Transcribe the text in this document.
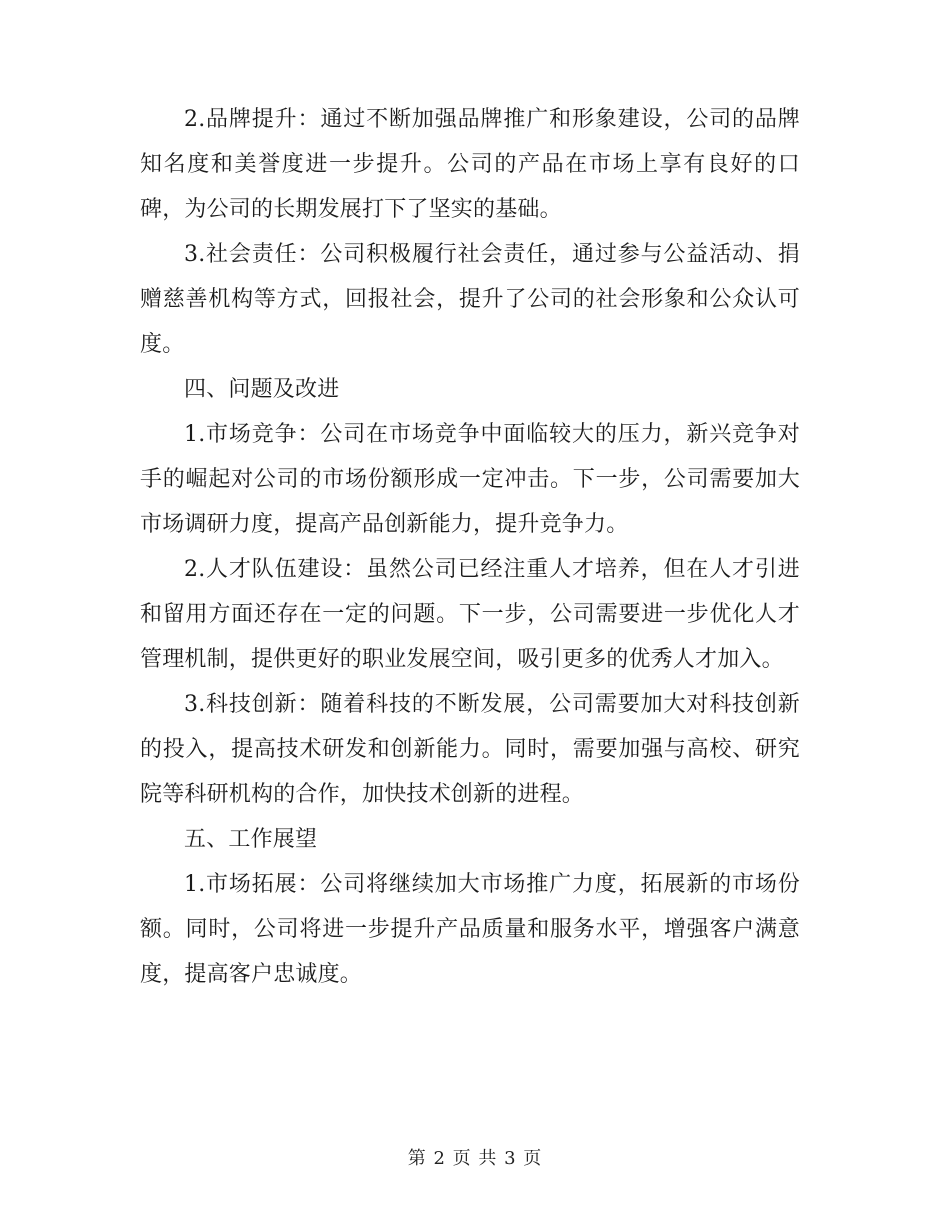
2.品牌提升：通过不断加强品牌推广和形象建设，公司的品牌知名度和美誉度进一步提升。公司的产品在市场上享有良好的口碑，为公司的长期发展打下了坚实的基础。

3.社会责任：公司积极履行社会责任，通过参与公益活动、捐赠慈善机构等方式，回报社会，提升了公司的社会形象和公众认可度。

四、问题及改进

1.市场竞争：公司在市场竞争中面临较大的压力，新兴竞争对手的崛起对公司的市场份额形成一定冲击。下一步，公司需要加大市场调研力度，提高产品创新能力，提升竞争力。

2.人才队伍建设：虽然公司已经注重人才培养，但在人才引进和留用方面还存在一定的问题。下一步，公司需要进一步优化人才管理机制，提供更好的职业发展空间，吸引更多的优秀人才加入。

3.科技创新：随着科技的不断发展，公司需要加大对科技创新的投入，提高技术研发和创新能力。同时，需要加强与高校、研究院等科研机构的合作，加快技术创新的进程。

五、工作展望

1.市场拓展：公司将继续加大市场推广力度，拓展新的市场份额。同时，公司将进一步提升产品质量和服务水平，增强客户满意度，提高客户忠诚度。

第 2 页 共 3 页
